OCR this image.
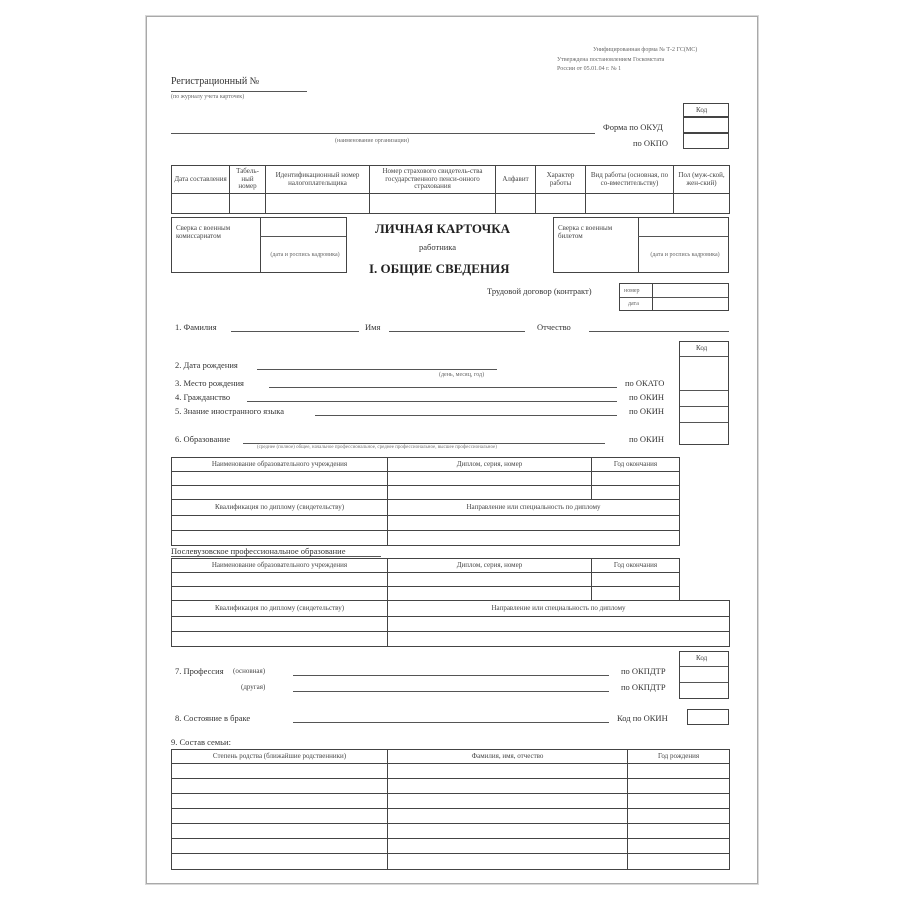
Унифицированная форма № Т-2 ГС(МС)
Утверждена постановлением Госкомстата
России от 05.01.04 г. № 1
Регистрационный №
(по журналу учета карточек)
Код
Форма по ОКУД
по ОКПО
(наименование организации)
Дата составления	Табель-ный номер	Идентификационный номер налогоплательщика	Номер страхового свидетель-ства государственного пенси-онного страхования	Алфавит	Характер работы	Вид работы (основная, по со-вместительству)	Пол (муж-ской, жен-ский)

Сверка с военным комиссариатом
(дата и роспись кадровика)
Сверка с военным билетом
(дата и роспись кадровика)
ЛИЧНАЯ КАРТОЧКА
работника
I. ОБЩИЕ СВЕДЕНИЯ
Трудовой договор (контракт)	номер
дата
1. Фамилия	Имя	Отчество
Код
2. Дата рождения
(день, месяц, год)
3. Место рождения	по ОКАТО
4. Гражданство	по ОКИН
5. Знание иностранного языка	по ОКИН
6. Образование
(среднее (полное) общее, начальное профессиональное, среднее профессиональное, высшее профессиональное)
по ОКИН
Наименование образовательного учреждения	Диплом, серия, номер	Год окончания

Квалификация по диплому (свидетельству)	Направление или специальность по диплому	

Послевузовское профессиональное образование
Наименование образовательного учреждения	Диплом, серия, номер	Год окончания	

Квалификация по диплому (свидетельству)	Направление или специальность по диплому		

Код
7. Профессия (основная)	по ОКПДТР
(другая)	по ОКПДТР
8. Состояние в браке	Код по ОКИН
9. Состав семьи:
Степень родства (ближайшие родственники)	Фамилия, имя, отчество	Год рождения
